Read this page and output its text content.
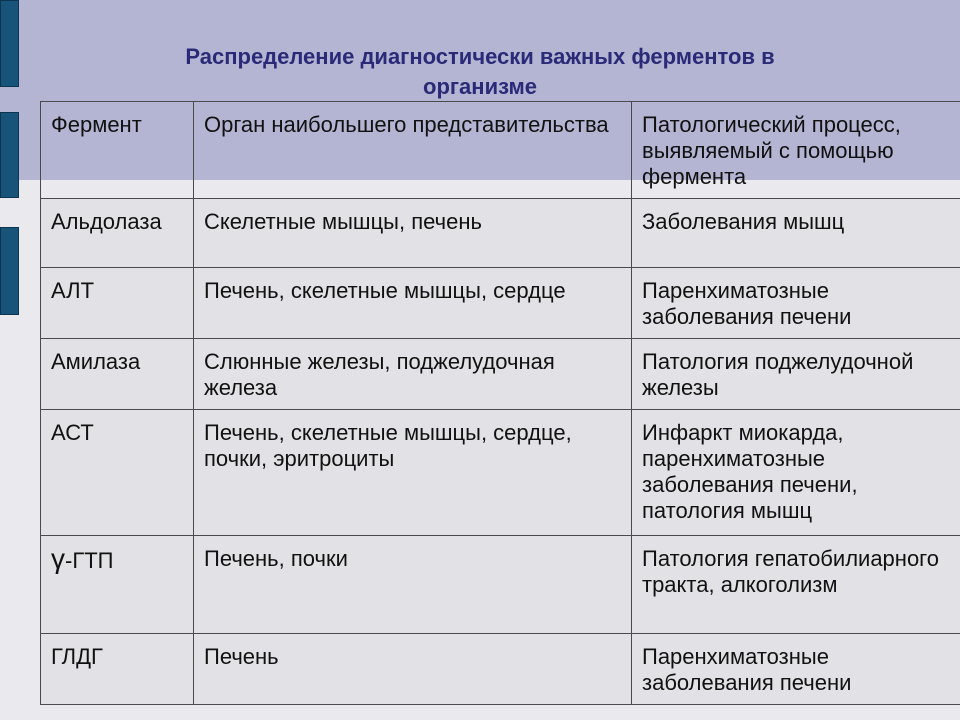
Распределение диагностически важных ферментов в
организме
Фермент	Орган наибольшего представительства	Патологический процесс, выявляемый с помощью фермента
Альдолаза	Скелетные мышцы, печень	Заболевания мышц
АЛТ	Печень, скелетные мышцы, сердце	Паренхиматозные заболевания печени
Амилаза	Слюнные железы, поджелудочная железа	Патология поджелудочной железы
АСТ	Печень, скелетные мышцы, сердце, почки, эритроциты	Инфаркт миокарда, паренхиматозные заболевания печени, патология мышц
γ-ГТП	Печень, почки	Патология гепатобилиарного тракта, алкоголизм
ГЛДГ	Печень	Паренхиматозные заболевания печени
